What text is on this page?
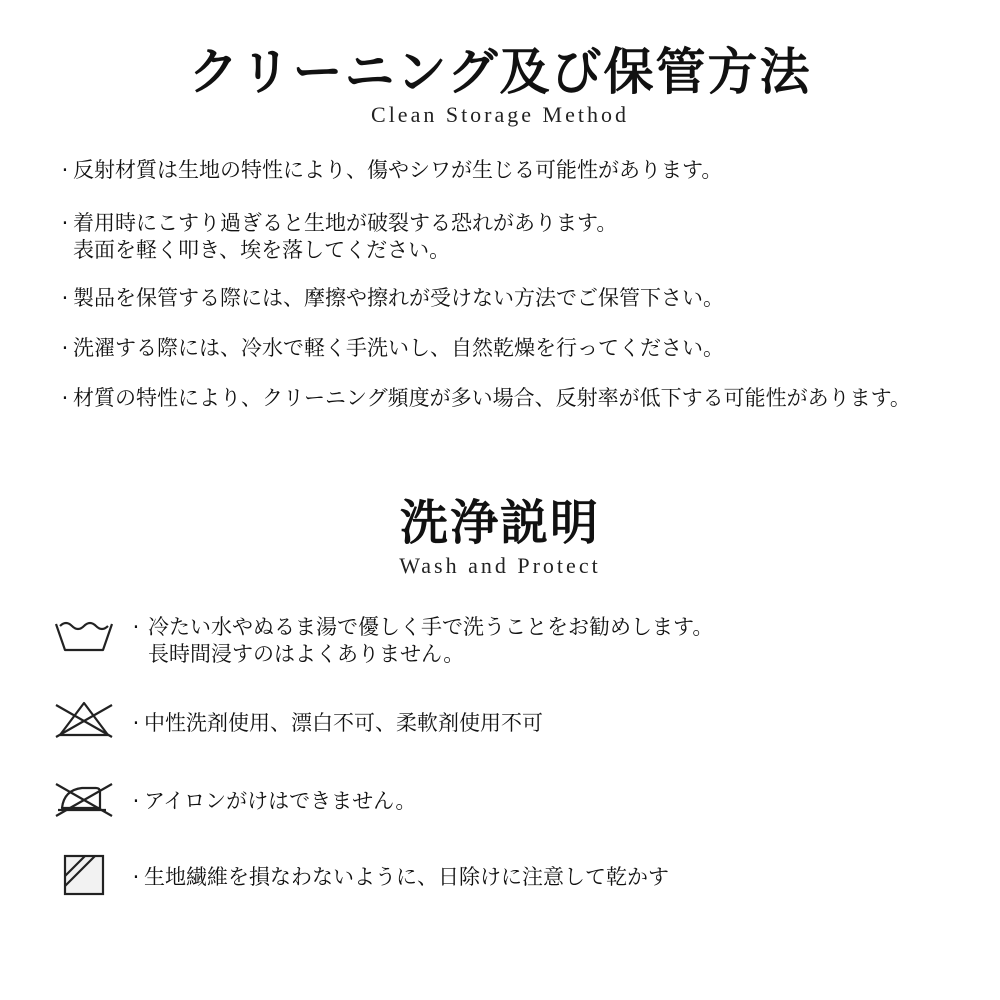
クリーニング及び保管方法

Clean Storage Method

· 反射材質は生地の特性により、傷やシワが生じる可能性があります。
· 着用時にこすり過ぎると生地が破裂する恐れがあります。
表面を軽く叩き、埃を落してください。
· 製品を保管する際には、摩擦や擦れが受けない方法でご保管下さい。
· 洗濯する際には、冷水で軽く手洗いし、自然乾燥を行ってください。
· 材質の特性により、クリーニング頻度が多い場合、反射率が低下する可能性があります。
洗浄説明

Wash and Protect

· 冷たい水やぬるま湯で優しく手で洗うことをお勧めします。
長時間浸すのはよくありません。
· 中性洗剤使用、漂白不可、柔軟剤使用不可
· アイロンがけはできません。
· 生地繊維を損なわないように、日除けに注意して乾かす
